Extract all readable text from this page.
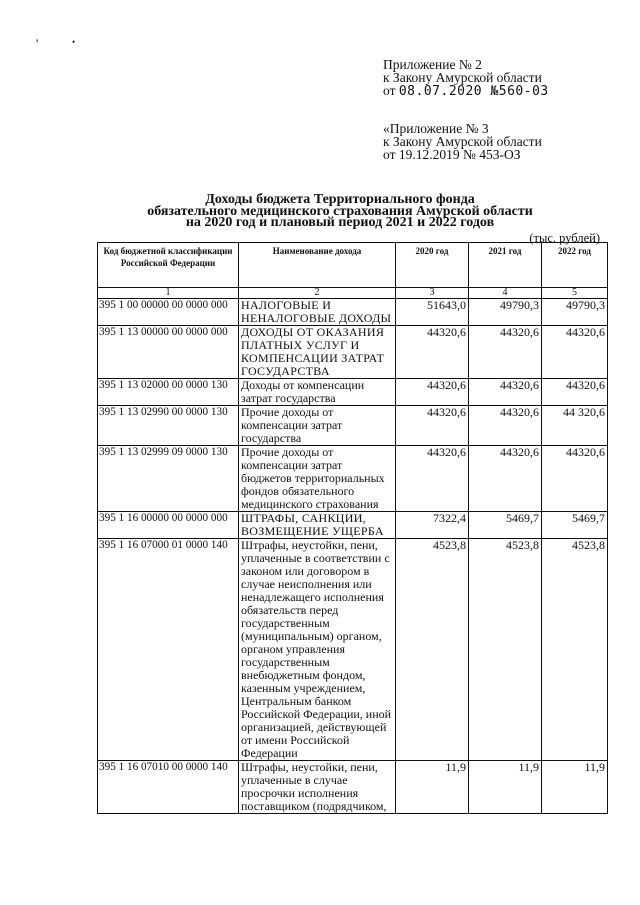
'	•
Приложение № 2
к Закону Амурской области
от 08.07.2020 №560-03
«Приложение № 3
к Закону Амурской области
от 19.12.2019 № 453-ОЗ
Доходы бюджета Территориального фонда
обязательного медицинского страхования Амурской области
на 2020 год и плановый период 2021 и 2022 годов
(тыс. рублей)
Код бюджетной классификации Российской Федерации	Наименование дохода	2020 год	2021 год	2022 год
1	2	3	4	5
395 1 00 00000 00 0000 000	НАЛОГОВЫЕ И НЕНАЛОГОВЫЕ ДОХОДЫ	51643,0	49790,3	49790,3
395 1 13 00000 00 0000 000	ДОХОДЫ ОТ ОКАЗАНИЯ ПЛАТНЫХ УСЛУГ И КОМПЕНСАЦИИ ЗАТРАТ ГОСУДАРСТВА	44320,6	44320,6	44320,6
395 1 13 02000 00 0000 130	Доходы от компенсации затрат государства	44320,6	44320,6	44320,6
395 1 13 02990 00 0000 130	Прочие доходы от компенсации затрат государства	44320,6	44320,6	44 320,6
395 1 13 02999 09 0000 130	Прочие доходы от компенсации затрат бюджетов территориальных фондов обязательного медицинского страхования	44320,6	44320,6	44320,6
395 1 16 00000 00 0000 000	ШТРАФЫ, САНКЦИИ, ВОЗМЕЩЕНИЕ УЩЕРБА	7322,4	5469,7	5469,7
395 1 16 07000 01 0000 140	Штрафы, неустойки, пени, уплаченные в соответствии с законом или договором в случае неисполнения или ненадлежащего исполнения обязательств перед государственным (муниципальным) органом, органом управления государственным внебюджетным фондом, казенным учреждением, Центральным банком Российской Федерации, иной организацией, действующей от имени Российской Федерации	4523,8	4523,8	4523,8
395 1 16 07010 00 0000 140	Штрафы, неустойки, пени, уплаченные в случае просрочки исполнения поставщиком (подрядчиком,	11,9	11,9	11,9
